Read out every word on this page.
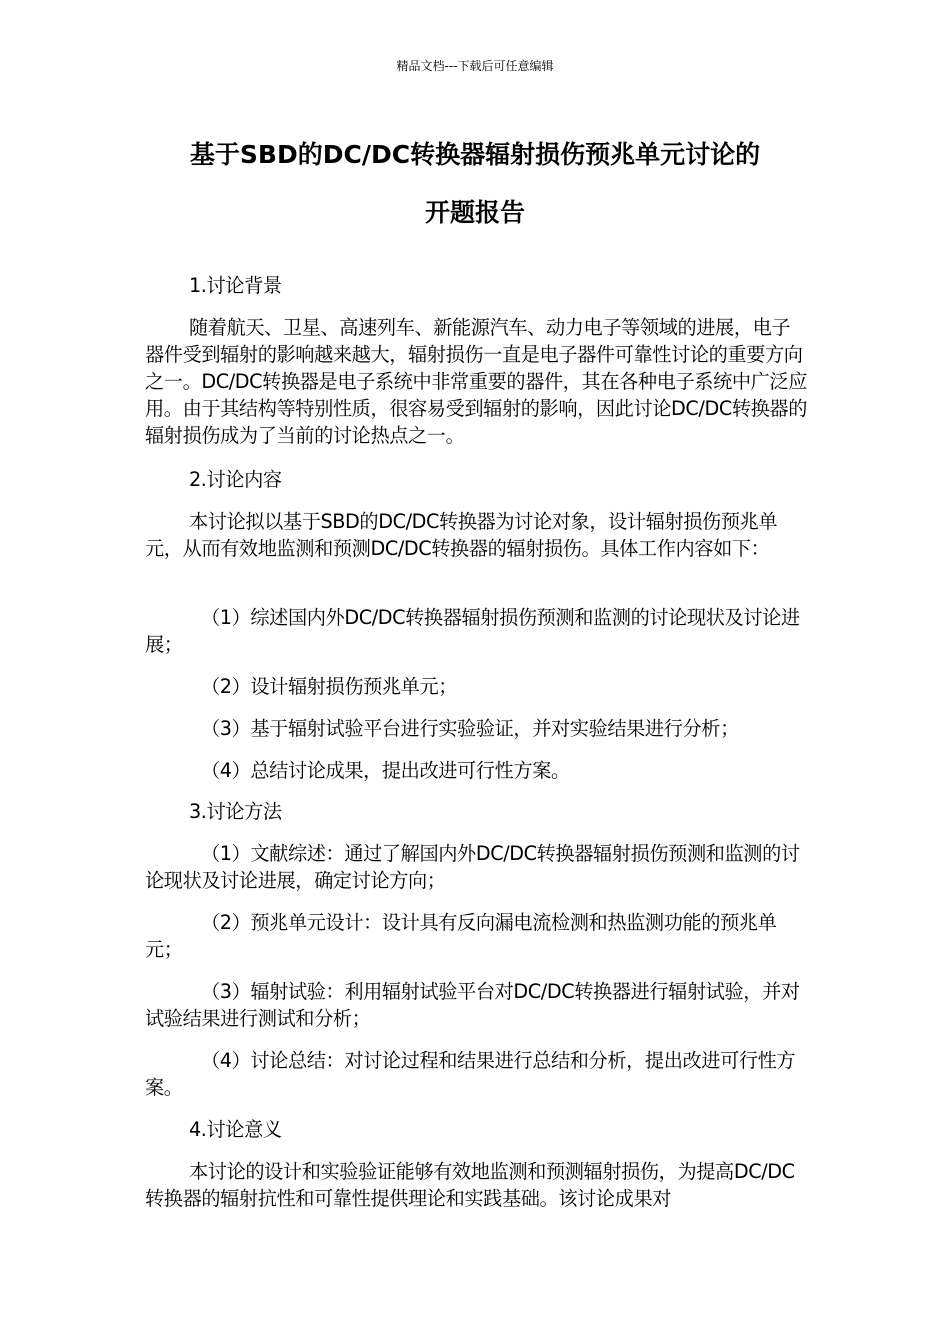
精品文档---下载后可任意编辑
基于SBD的DC/DC转换器辐射损伤预兆单元讨论的
开题报告

1.讨论背景

随着航天、卫星、高速列车、新能源汽车、动力电子等领域的进展，电子器件受到辐射的影响越来越大，辐射损伤一直是电子器件可靠性讨论的重要方向之一。DC/DC转换器是电子系统中非常重要的器件，其在各种电子系统中广泛应用。由于其结构等特别性质，很容易受到辐射的影响，因此讨论DC/DC转换器的辐射损伤成为了当前的讨论热点之一。

2.讨论内容

本讨论拟以基于SBD的DC/DC转换器为讨论对象，设计辐射损伤预兆单元，从而有效地监测和预测DC/DC转换器的辐射损伤。具体工作内容如下：

（1）综述国内外DC/DC转换器辐射损伤预测和监测的讨论现状及讨论进展；

（2）设计辐射损伤预兆单元；

（3）基于辐射试验平台进行实验验证，并对实验结果进行分析；

（4）总结讨论成果，提出改进可行性方案。

3.讨论方法

（1）文献综述：通过了解国内外DC/DC转换器辐射损伤预测和监测的讨论现状及讨论进展，确定讨论方向；

（2）预兆单元设计：设计具有反向漏电流检测和热监测功能的预兆单元；

（3）辐射试验：利用辐射试验平台对DC/DC转换器进行辐射试验，并对试验结果进行测试和分析；

（4）讨论总结：对讨论过程和结果进行总结和分析，提出改进可行性方案。

4.讨论意义

本讨论的设计和实验验证能够有效地监测和预测辐射损伤，为提高DC/DC转换器的辐射抗性和可靠性提供理论和实践基础。该讨论成果对
